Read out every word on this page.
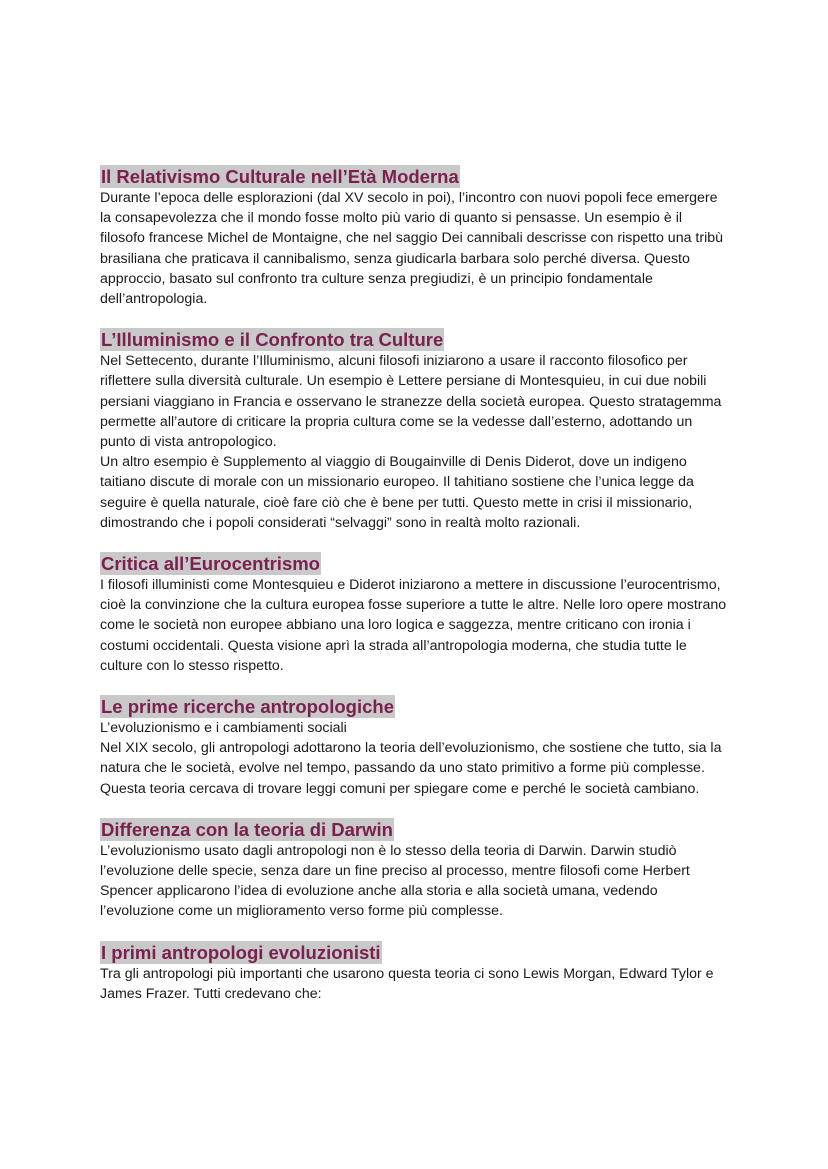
Il Relativismo Culturale nell’Età Moderna

Durante l’epoca delle esplorazioni (dal XV secolo in poi), l’incontro con nuovi popoli fece emergere la consapevolezza che il mondo fosse molto più vario di quanto si pensasse. Un esempio è il filosofo francese Michel de Montaigne, che nel saggio Dei cannibali descrisse con rispetto una tribù brasiliana che praticava il cannibalismo, senza giudicarla barbara solo perché diversa. Questo approccio, basato sul confronto tra culture senza pregiudizi, è un principio fondamentale dell’antropologia.

L’Illuminismo e il Confronto tra Culture

Nel Settecento, durante l’Illuminismo, alcuni filosofi iniziarono a usare il racconto filosofico per riflettere sulla diversità culturale. Un esempio è Lettere persiane di Montesquieu, in cui due nobili persiani viaggiano in Francia e osservano le stranezze della società europea. Questo stratagemma permette all’autore di criticare la propria cultura come se la vedesse dall’esterno, adottando un punto di vista antropologico.

Un altro esempio è Supplemento al viaggio di Bougainville di Denis Diderot, dove un indigeno taitiano discute di morale con un missionario europeo. Il tahitiano sostiene che l’unica legge da seguire è quella naturale, cioè fare ciò che è bene per tutti. Questo mette in crisi il missionario, dimostrando che i popoli considerati “selvaggi” sono in realtà molto razionali.

Critica all’Eurocentrismo

I filosofi illuministi come Montesquieu e Diderot iniziarono a mettere in discussione l’eurocentrismo, cioè la convinzione che la cultura europea fosse superiore a tutte le altre. Nelle loro opere mostrano come le società non europee abbiano una loro logica e saggezza, mentre criticano con ironia i costumi occidentali. Questa visione aprì la strada all’antropologia moderna, che studia tutte le culture con lo stesso rispetto.

Le prime ricerche antropologiche

L’evoluzionismo e i cambiamenti sociali

Nel XIX secolo, gli antropologi adottarono la teoria dell’evoluzionismo, che sostiene che tutto, sia la natura che le società, evolve nel tempo, passando da uno stato primitivo a forme più complesse. Questa teoria cercava di trovare leggi comuni per spiegare come e perché le società cambiano.

Differenza con la teoria di Darwin

L’evoluzionismo usato dagli antropologi non è lo stesso della teoria di Darwin. Darwin studiò l’evoluzione delle specie, senza dare un fine preciso al processo, mentre filosofi come Herbert Spencer applicarono l’idea di evoluzione anche alla storia e alla società umana, vedendo l’evoluzione come un miglioramento verso forme più complesse.

I primi antropologi evoluzionisti

Tra gli antropologi più importanti che usarono questa teoria ci sono Lewis Morgan, Edward Tylor e James Frazer. Tutti credevano che:
